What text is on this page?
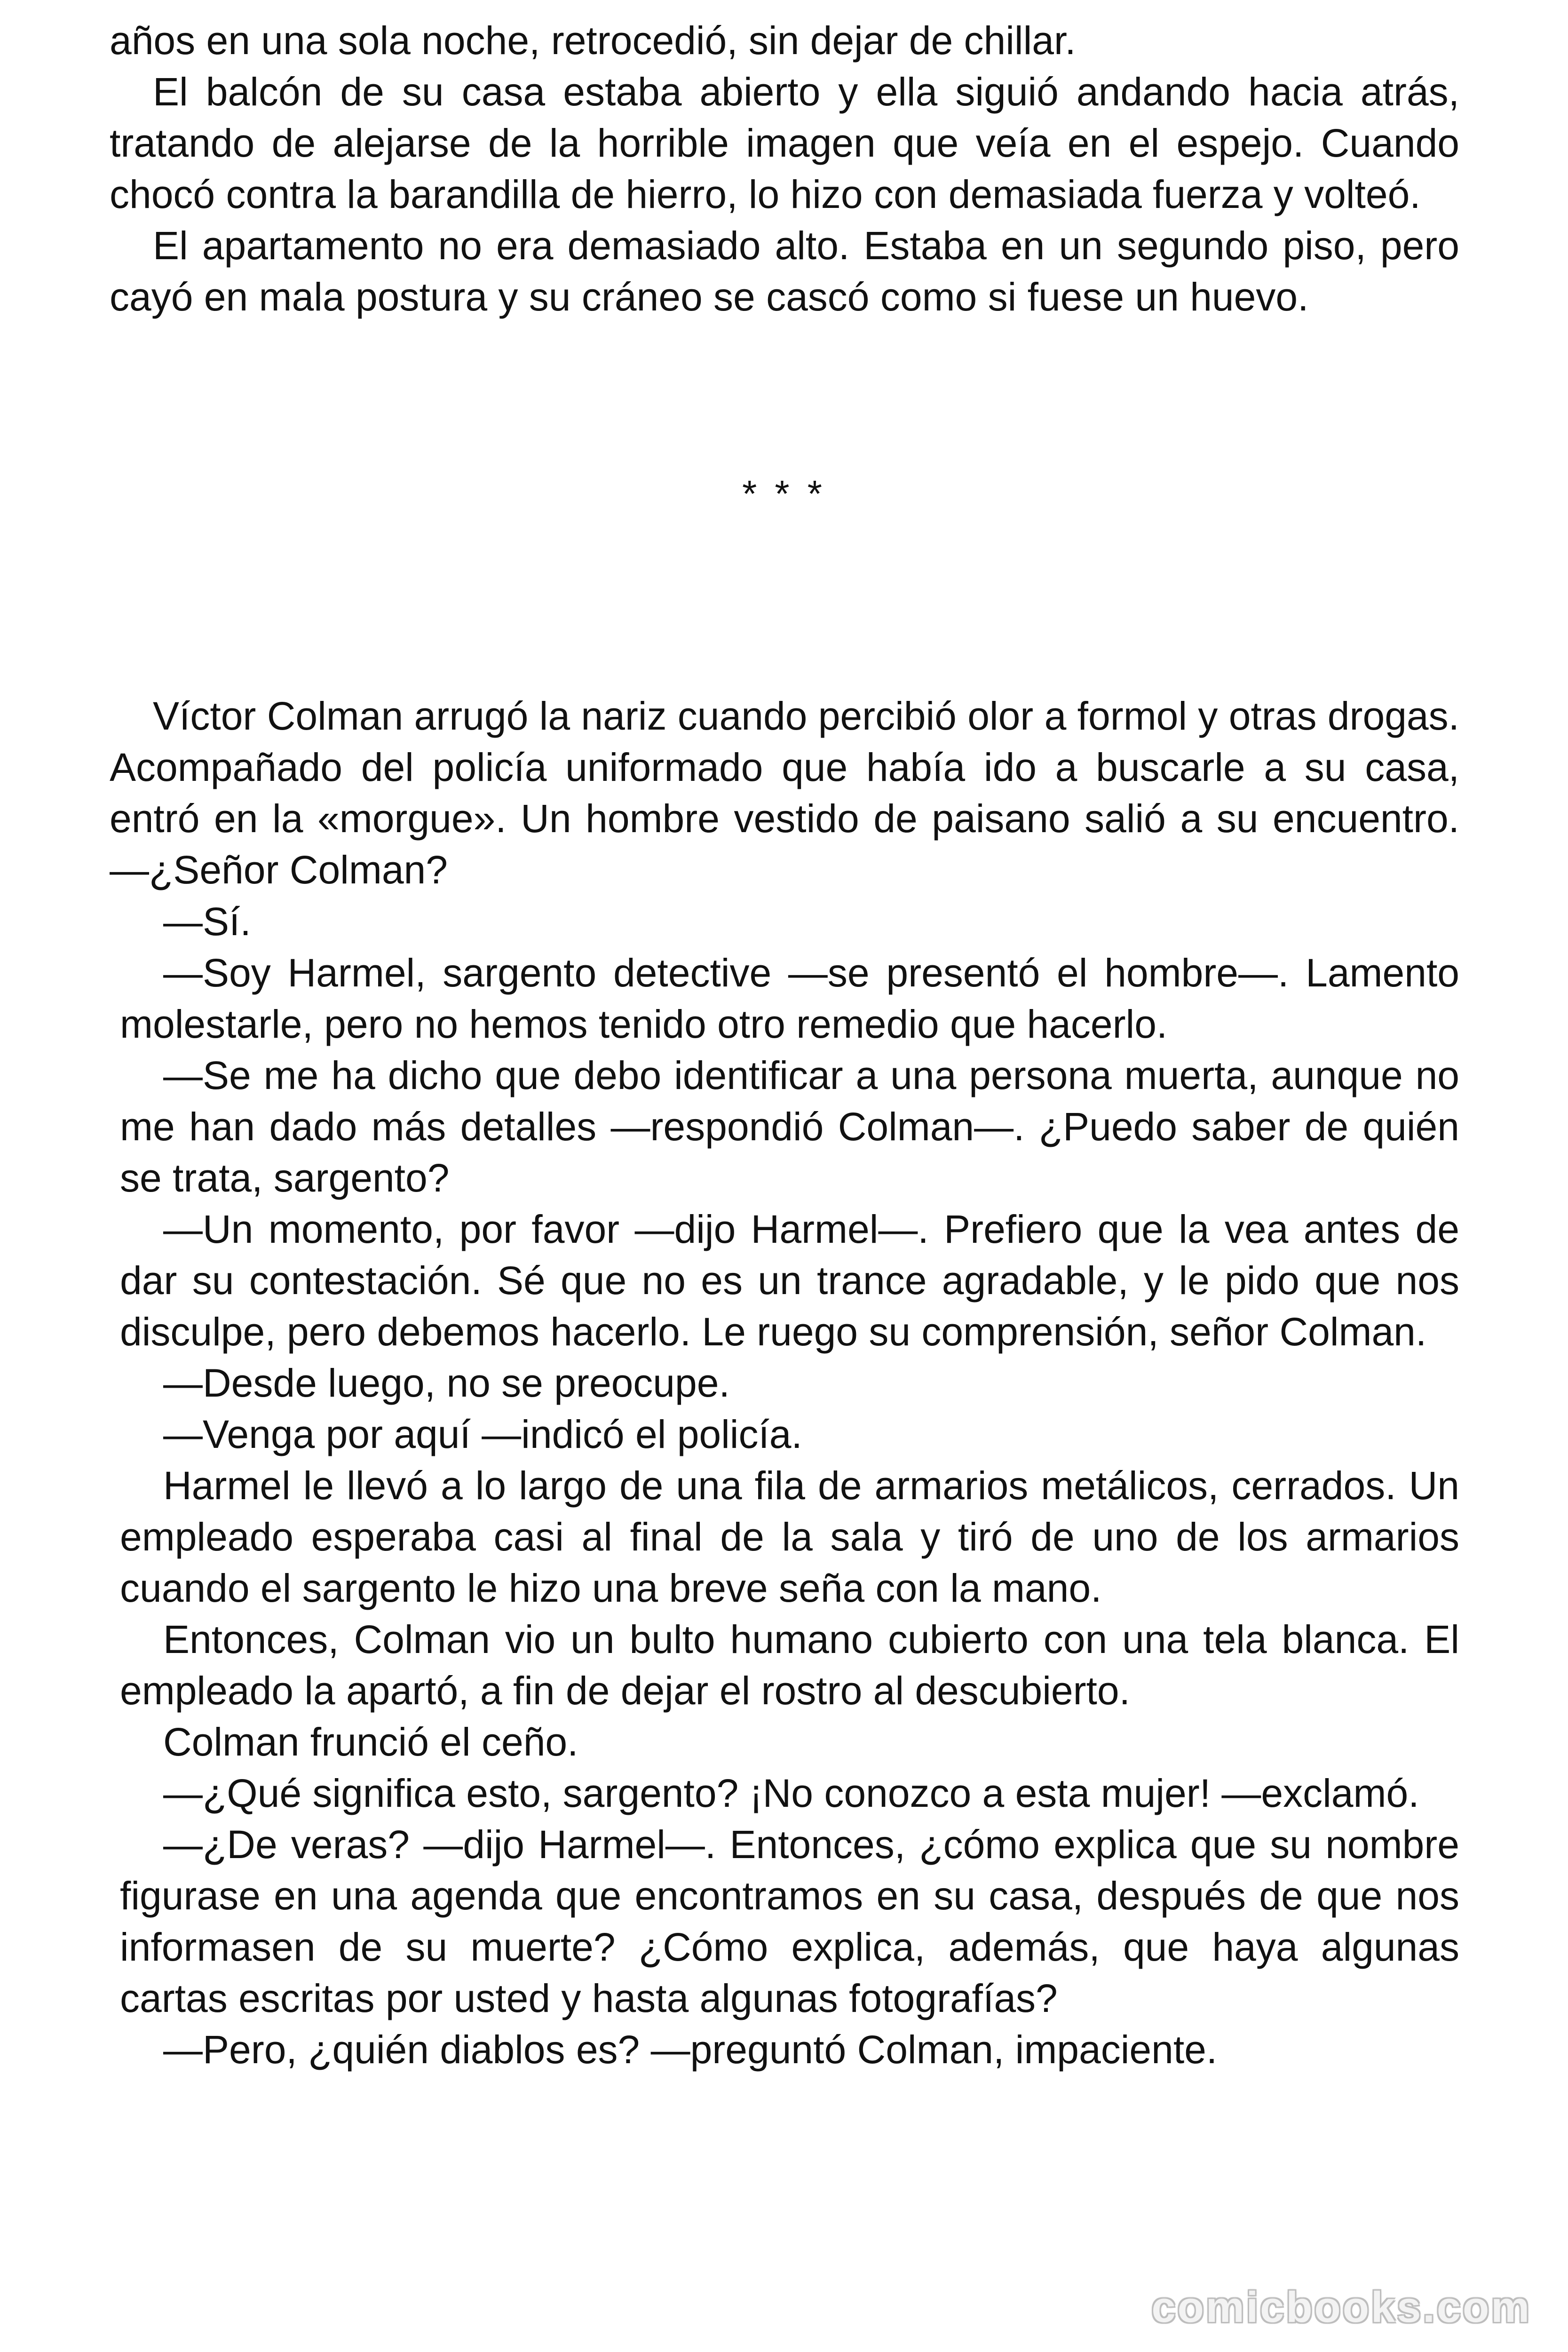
años en una sola noche, retrocedió, sin dejar de chillar.

El balcón de su casa estaba abierto y ella siguió andando hacia atrás, tratando de alejarse de la horrible imagen que veía en el espejo. Cuando chocó contra la barandilla de hierro, lo hizo con demasiada fuerza y volteó.

El apartamento no era demasiado alto. Estaba en un segundo piso, pero cayó en mala postura y su cráneo se cascó como si fuese un huevo.

* * *

Víctor Colman arrugó la nariz cuando percibió olor a formol y otras drogas. Acompañado del policía uniformado que había ido a buscarle a su casa, entró en la «morgue». Un hombre vestido de paisano salió a su encuentro. —¿Señor Colman?

—Sí.

—Soy Harmel, sargento detective —se presentó el hombre—. Lamento molestarle, pero no hemos tenido otro remedio que hacerlo.

—Se me ha dicho que debo identificar a una persona muerta, aunque no me han dado más detalles —respondió Colman—. ¿Puedo saber de quién se trata, sargento?

—Un momento, por favor —dijo Harmel—. Prefiero que la vea antes de dar su contestación. Sé que no es un trance agradable, y le pido que nos disculpe, pero debemos hacerlo. Le ruego su comprensión, señor Colman.

—Desde luego, no se preocupe.

—Venga por aquí —indicó el policía.

Harmel le llevó a lo largo de una fila de armarios metálicos, cerrados. Un empleado esperaba casi al final de la sala y tiró de uno de los armarios cuando el sargento le hizo una breve seña con la mano.

Entonces, Colman vio un bulto humano cubierto con una tela blanca. El empleado la apartó, a fin de dejar el rostro al descubierto.

Colman frunció el ceño.

—¿Qué significa esto, sargento? ¡No conozco a esta mujer! —exclamó.

—¿De veras? —dijo Harmel—. Entonces, ¿cómo explica que su nombre figurase en una agenda que encontramos en su casa, después de que nos informasen de su muerte? ¿Cómo explica, además, que haya algunas cartas escritas por usted y hasta algunas fotografías?

—Pero, ¿quién diablos es? —preguntó Colman, impaciente.

comicbooks.com
